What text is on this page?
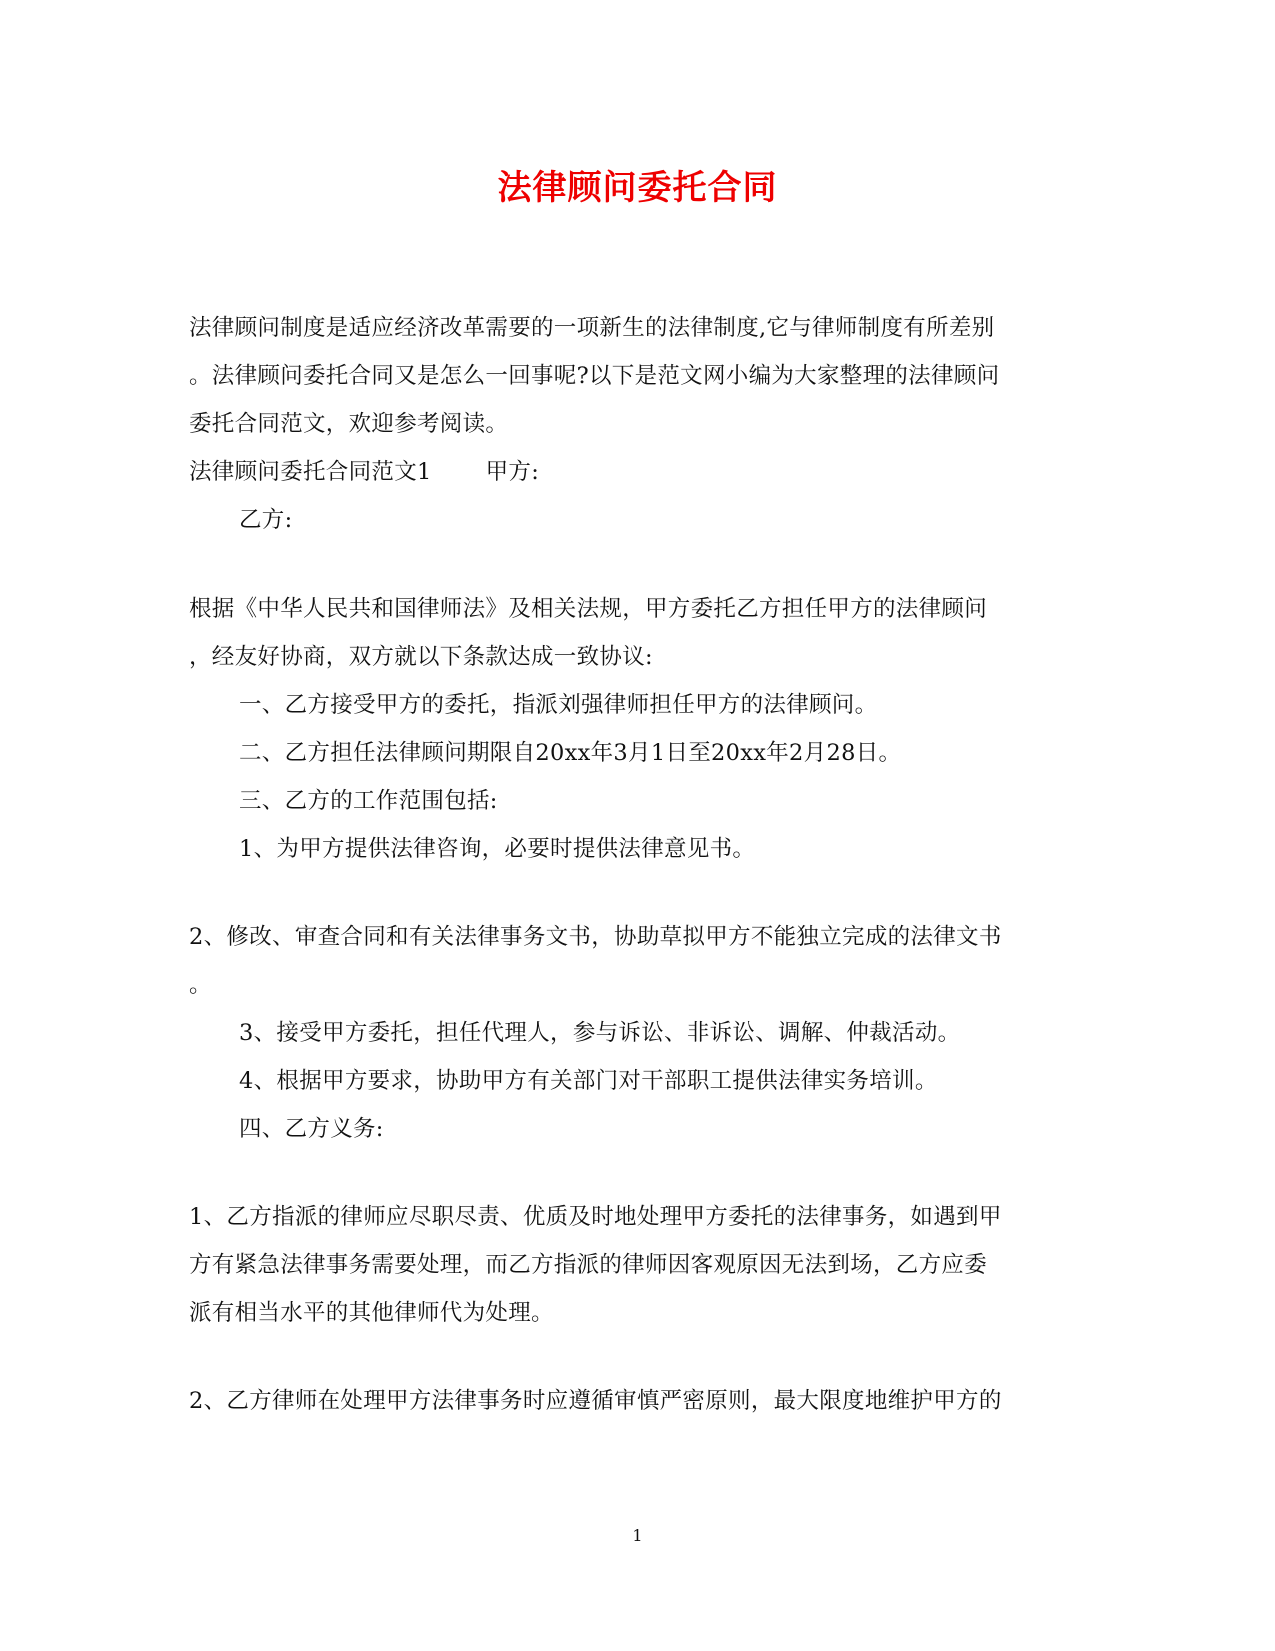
法律顾问委托合同
法律顾问制度是适应经济改革需要的一项新生的法律制度,它与律师制度有所差别
。法律顾问委托合同又是怎么一回事呢?以下是范文网小编为大家整理的法律顾问
委托合同范文，欢迎参考阅读。
法律顾问委托合同范文1 甲方:
乙方:
根据《中华人民共和国律师法》及相关法规，甲方委托乙方担任甲方的法律顾问
，经友好协商，双方就以下条款达成一致协议:
一、乙方接受甲方的委托，指派刘强律师担任甲方的法律顾问。
二、乙方担任法律顾问期限自20xx年3月1日至20xx年2月28日。
三、乙方的工作范围包括:
1、为甲方提供法律咨询，必要时提供法律意见书。
2、修改、审查合同和有关法律事务文书，协助草拟甲方不能独立完成的法律文书
。
3、接受甲方委托，担任代理人，参与诉讼、非诉讼、调解、仲裁活动。
4、根据甲方要求，协助甲方有关部门对干部职工提供法律实务培训。
四、乙方义务:
1、乙方指派的律师应尽职尽责、优质及时地处理甲方委托的法律事务，如遇到甲
方有紧急法律事务需要处理，而乙方指派的律师因客观原因无法到场，乙方应委
派有相当水平的其他律师代为处理。
2、乙方律师在处理甲方法律事务时应遵循审慎严密原则，最大限度地维护甲方的
1
